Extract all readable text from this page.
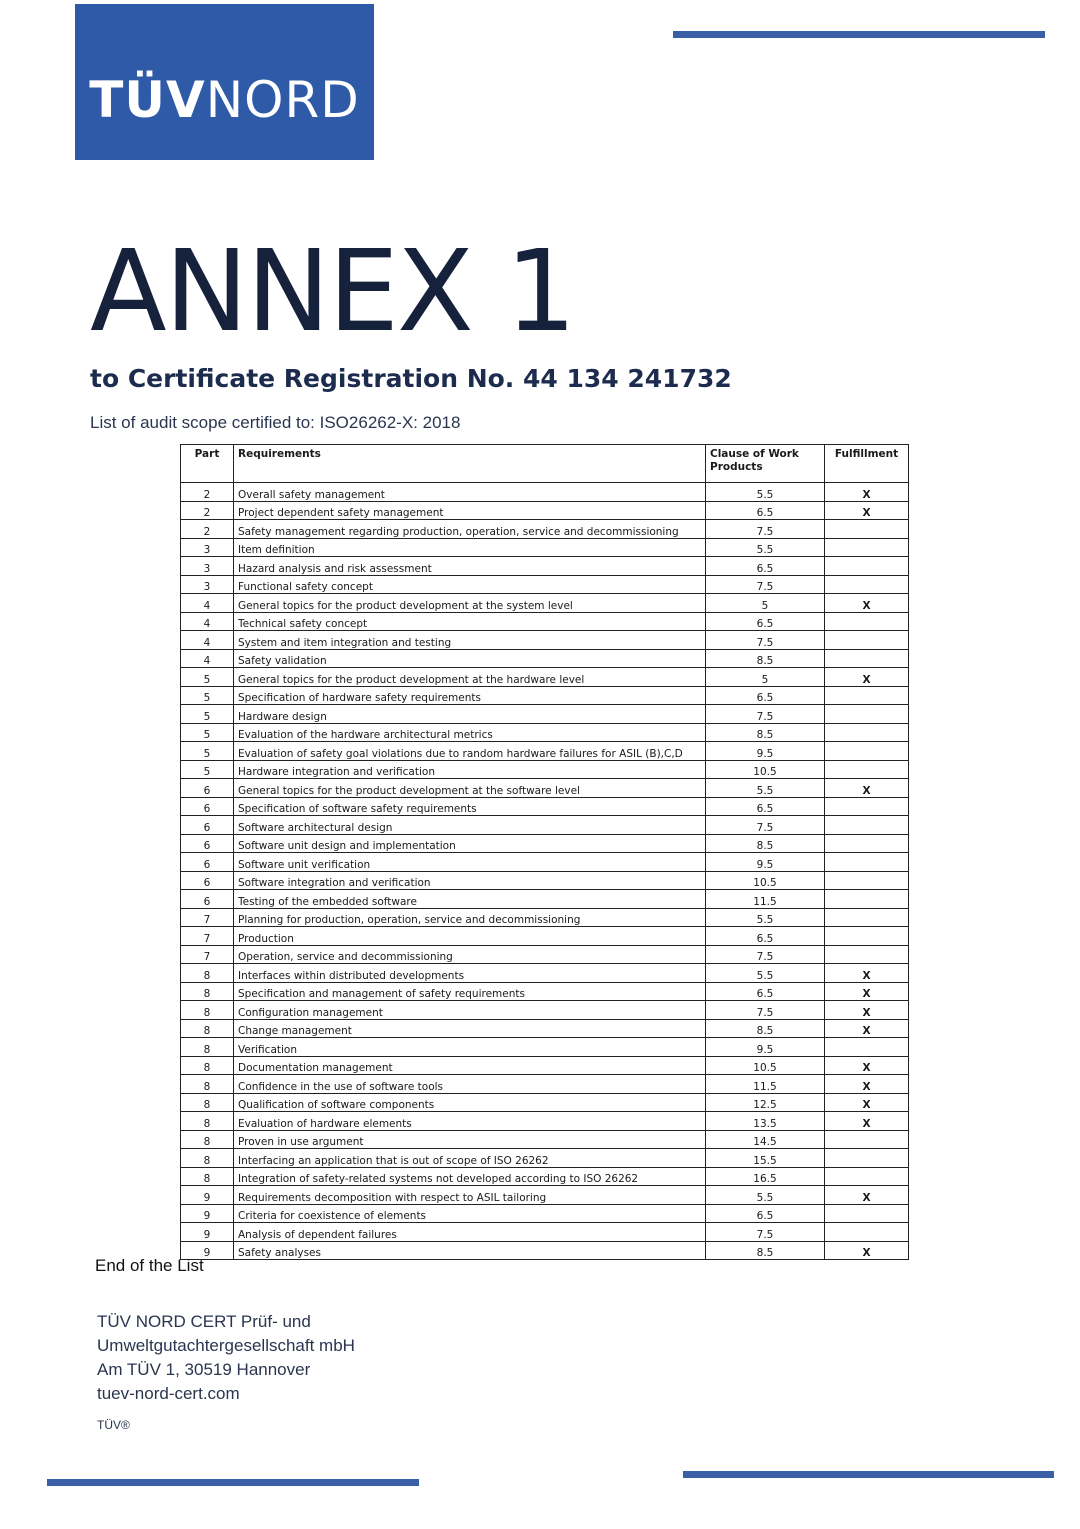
TÜVNORD
ANNEX 1
to Certificate Registration No. 44 134 241732
List of audit scope certified to: ISO26262-X: 2018
Part	Requirements	Clause of Work Products	Fulfillment
2	Overall safety management	5.5	X
2	Project dependent safety management	6.5	X
2	Safety management regarding production, operation, service and decommissioning	7.5	
3	Item definition	5.5	
3	Hazard analysis and risk assessment	6.5	
3	Functional safety concept	7.5	
4	General topics for the product development at the system level	5	X
4	Technical safety concept	6.5	
4	System and item integration and testing	7.5	
4	Safety validation	8.5	
5	General topics for the product development at the hardware level	5	X
5	Specification of hardware safety requirements	6.5	
5	Hardware design	7.5	
5	Evaluation of the hardware architectural metrics	8.5	
5	Evaluation of safety goal violations due to random hardware failures for ASIL (B),C,D	9.5	
5	Hardware integration and verification	10.5	
6	General topics for the product development at the software level	5.5	X
6	Specification of software safety requirements	6.5	
6	Software architectural design	7.5	
6	Software unit design and implementation	8.5	
6	Software unit verification	9.5	
6	Software integration and verification	10.5	
6	Testing of the embedded software	11.5	
7	Planning for production, operation, service and decommissioning	5.5	
7	Production	6.5	
7	Operation, service and decommissioning	7.5	
8	Interfaces within distributed developments	5.5	X
8	Specification and management of safety requirements	6.5	X
8	Configuration management	7.5	X
8	Change management	8.5	X
8	Verification	9.5	
8	Documentation management	10.5	X
8	Confidence in the use of software tools	11.5	X
8	Qualification of software components	12.5	X
8	Evaluation of hardware elements	13.5	X
8	Proven in use argument	14.5	
8	Interfacing an application that is out of scope of ISO 26262	15.5	
8	Integration of safety-related systems not developed according to ISO 26262	16.5	
9	Requirements decomposition with respect to ASIL tailoring	5.5	X
9	Criteria for coexistence of elements	6.5	
9	Analysis of dependent failures	7.5	
9	Safety analyses	8.5	X
End of the List
TÜV NORD CERT Prüf- und
Umweltgutachtergesellschaft mbH
Am TÜV 1, 30519 Hannover
tuev-nord-cert.com
TÜV®
